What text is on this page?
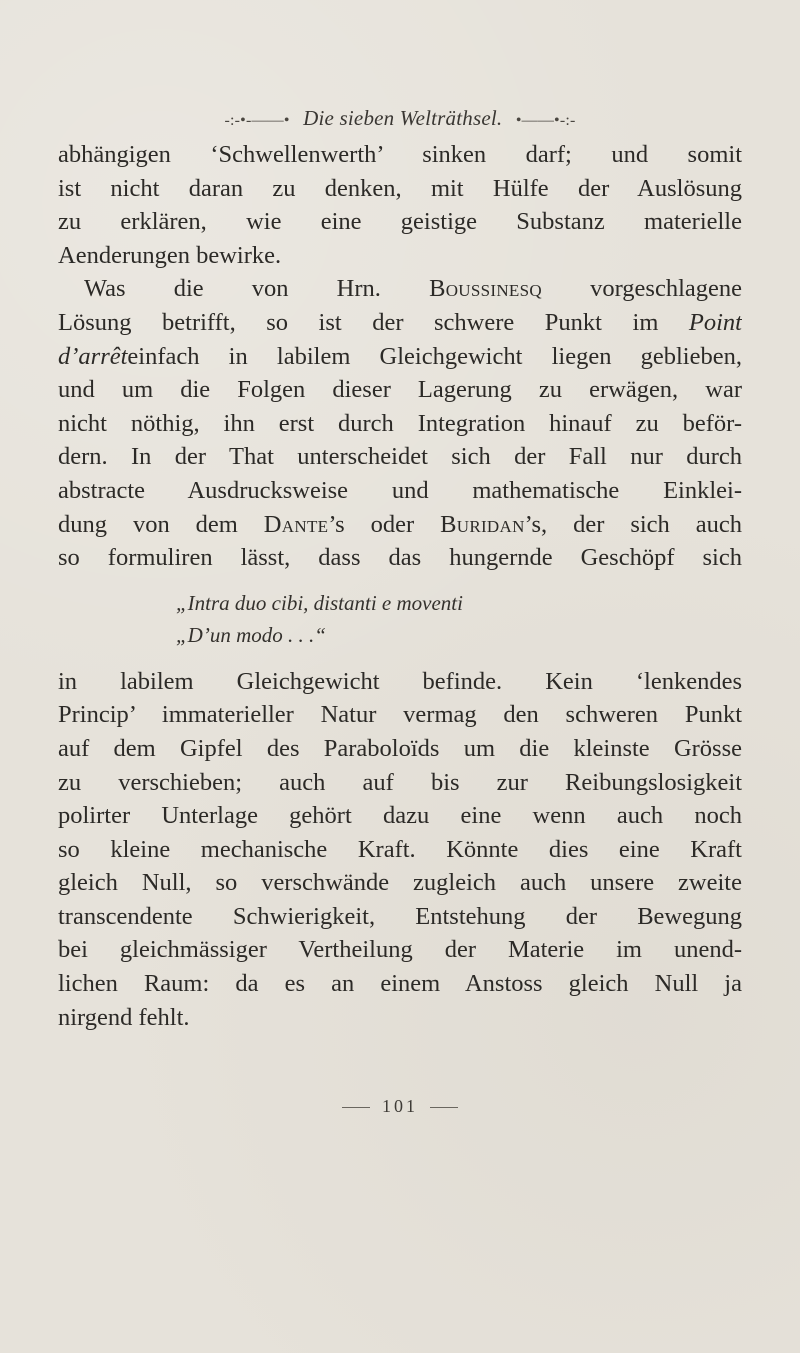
-:-•-——• Die sieben Welträthsel. •——•-:-
abhängigen ‘Schwellenwerth’ sinken darf; und somit
ist nicht daran zu denken, mit Hülfe der Auslösung
zu erklären, wie eine geistige Substanz materielle
Aenderungen bewirke.
Was die von Hrn. Boussinesq vorgeschlagene
Lösung betrifft, so ist der schwere Punkt im Point
d’arrêteinfach in labilem Gleichgewicht liegen geblieben,
und um die Folgen dieser Lagerung zu erwägen, war
nicht nöthig, ihn erst durch Integration hinauf zu beför-
dern. In der That unterscheidet sich der Fall nur durch
abstracte Ausdrucksweise und mathematische Einklei-
dung von dem Dante’s oder Buridan’s, der sich auch
so formuliren lässt, dass das hungernde Geschöpf sich
„Intra duo cibi, distanti e moventi
„D’un modo . . .“
in labilem Gleichgewicht befinde. Kein ‘lenkendes
Princip’ immaterieller Natur vermag den schweren Punkt
auf dem Gipfel des Paraboloïds um die kleinste Grösse
zu verschieben; auch auf bis zur Reibungslosigkeit
polirter Unterlage gehört dazu eine wenn auch noch
so kleine mechanische Kraft. Könnte dies eine Kraft
gleich Null, so verschwände zugleich auch unsere zweite
transcendente Schwierigkeit, Entstehung der Bewegung
bei gleichmässiger Vertheilung der Materie im unend-
lichen Raum: da es an einem Anstoss gleich Null ja
nirgend fehlt.
101
